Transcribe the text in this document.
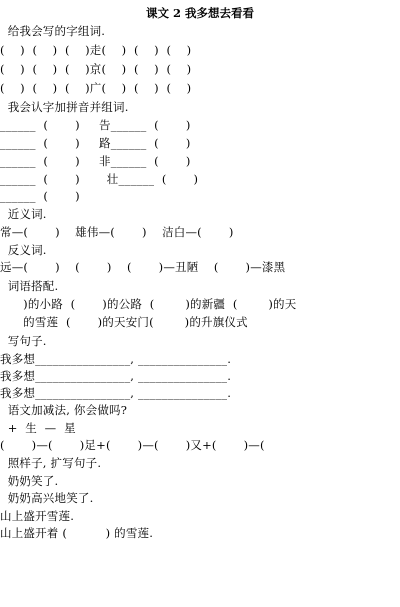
课文 2 我多想去看看
给我会写的字组词.
(    )  (    )  (    )走(    )  (    )  (    )
(    )  (    )  (    )京(    )  (    )  (    )
(    )  (    )  (    )广(    )  (    )  (    )
我会认字加拼音并组词.
______  (       )     告______  (       )
______  (       )     路______  (       )
______  (       )     非______  (       )
______  (       )       壮______  (       )
______  (       )
近义词.
常—(       )    雄伟—(       )    洁白—(       )
反义词.
远—(       )    (       )    (       )—丑陋    (       )—漆黑
词语搭配.
)的小路  (       )的公路  (        )的新疆  (        )的天
的雪莲  (       )的天安门(        )的升旗仪式
写句子.
我多想________________, _______________.
我多想________________, _______________.
我多想________________, _______________.
语文加减法, 你会做吗?
+  生  —  星
(       )—(       )足+(       )—(       )又+(       )—(
照样子, 扩写句子.
奶奶笑了.
奶奶高兴地笑了.
山上盛开雪莲.
山上盛开着 (          ) 的雪莲.
